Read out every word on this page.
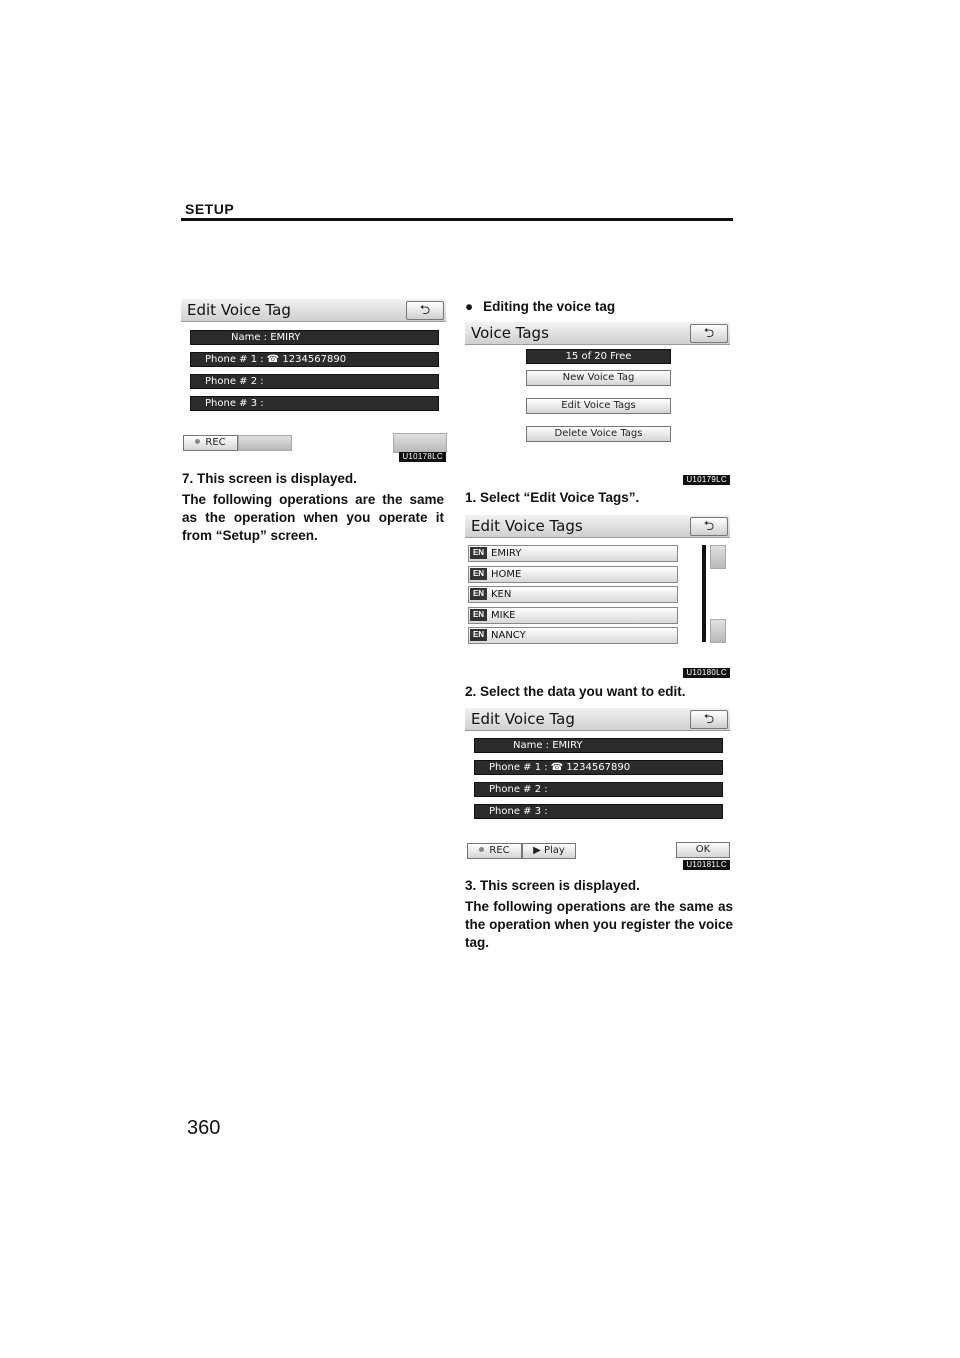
SETUP
Edit Voice Tag	⮌
Name : EMIRY
Phone # 1 : ☎ 1234567890
Phone # 2 :
Phone # 3 :
REC
U10178LC
7. This screen is displayed.
The following operations are the same as the operation when you operate it from “Setup” screen.
● Editing the voice tag
Voice Tags	⮌
15 of 20 Free
New Voice Tag
Edit Voice Tags
Delete Voice Tags
U10179LC
1. Select “Edit Voice Tags”.
Edit Voice Tags	⮌
EN EMIRY
EN HOME
EN KEN
EN MIKE
EN NANCY
U10180LC
2. Select the data you want to edit.
Edit Voice Tag	⮌
Name : EMIRY
Phone # 1 : ☎ 1234567890
Phone # 2 :
Phone # 3 :
REC	▶ Play	OK
U10181LC
3. This screen is displayed.
The following operations are the same as the operation when you register the voice tag.
360
